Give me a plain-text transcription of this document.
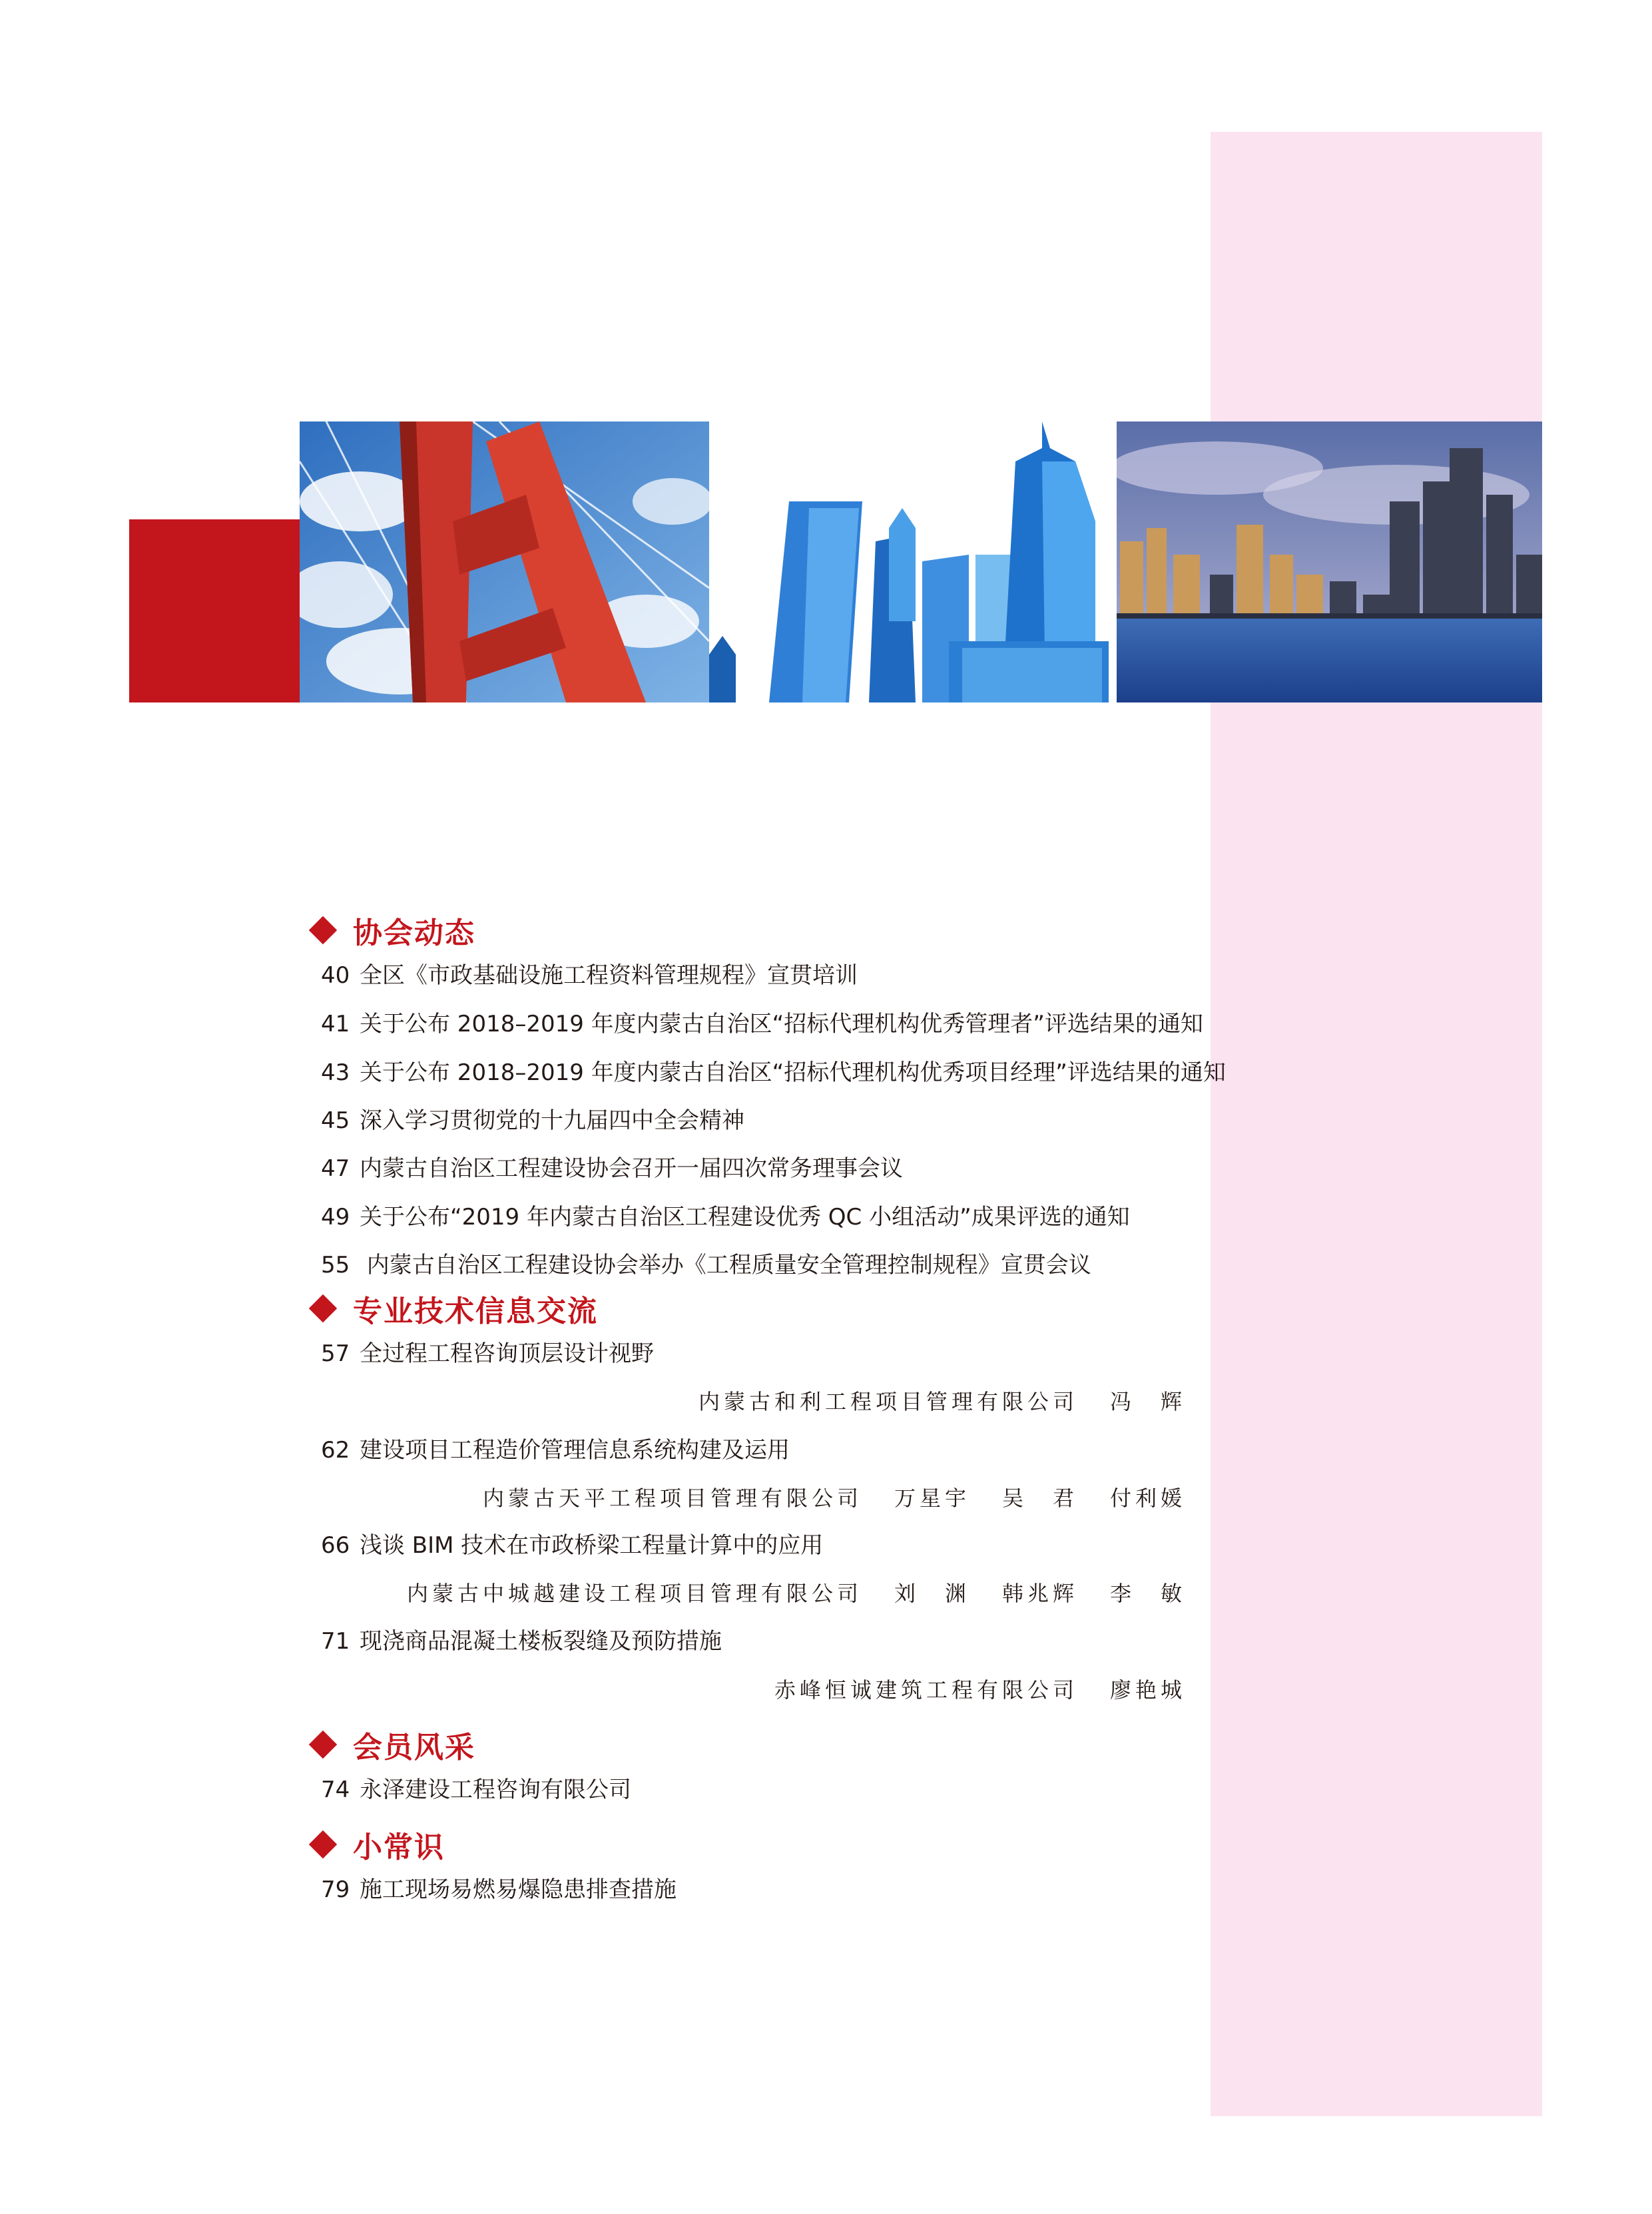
协会动态
40 全区《市政基础设施工程资料管理规程》宣贯培训
41 关于公布 2018–2019 年度内蒙古自治区“招标代理机构优秀管理者”评选结果的通知
43 关于公布 2018–2019 年度内蒙古自治区“招标代理机构优秀项目经理”评选结果的通知
45 深入学习贯彻党的十九届四中全会精神
47 内蒙古自治区工程建设协会召开一届四次常务理事会议
49 关于公布“2019 年内蒙古自治区工程建设优秀 QC 小组活动”成果评选的通知
55 内蒙古自治区工程建设协会举办《工程质量安全管理控制规程》宣贯会议
专业技术信息交流
57 全过程工程咨询顶层设计视野
内蒙古和利工程项目管理有限公司 冯　辉
62 建设项目工程造价管理信息系统构建及运用
内蒙古天平工程项目管理有限公司 万星宇 吴　君 付利媛
66 浅谈 BIM 技术在市政桥梁工程量计算中的应用
内蒙古中城越建设工程项目管理有限公司 刘　渊 韩兆辉 李　敏
71 现浇商品混凝土楼板裂缝及预防措施
赤峰恒诚建筑工程有限公司 廖艳城
会员风采
74 永泽建设工程咨询有限公司
小常识
79 施工现场易燃易爆隐患排查措施
